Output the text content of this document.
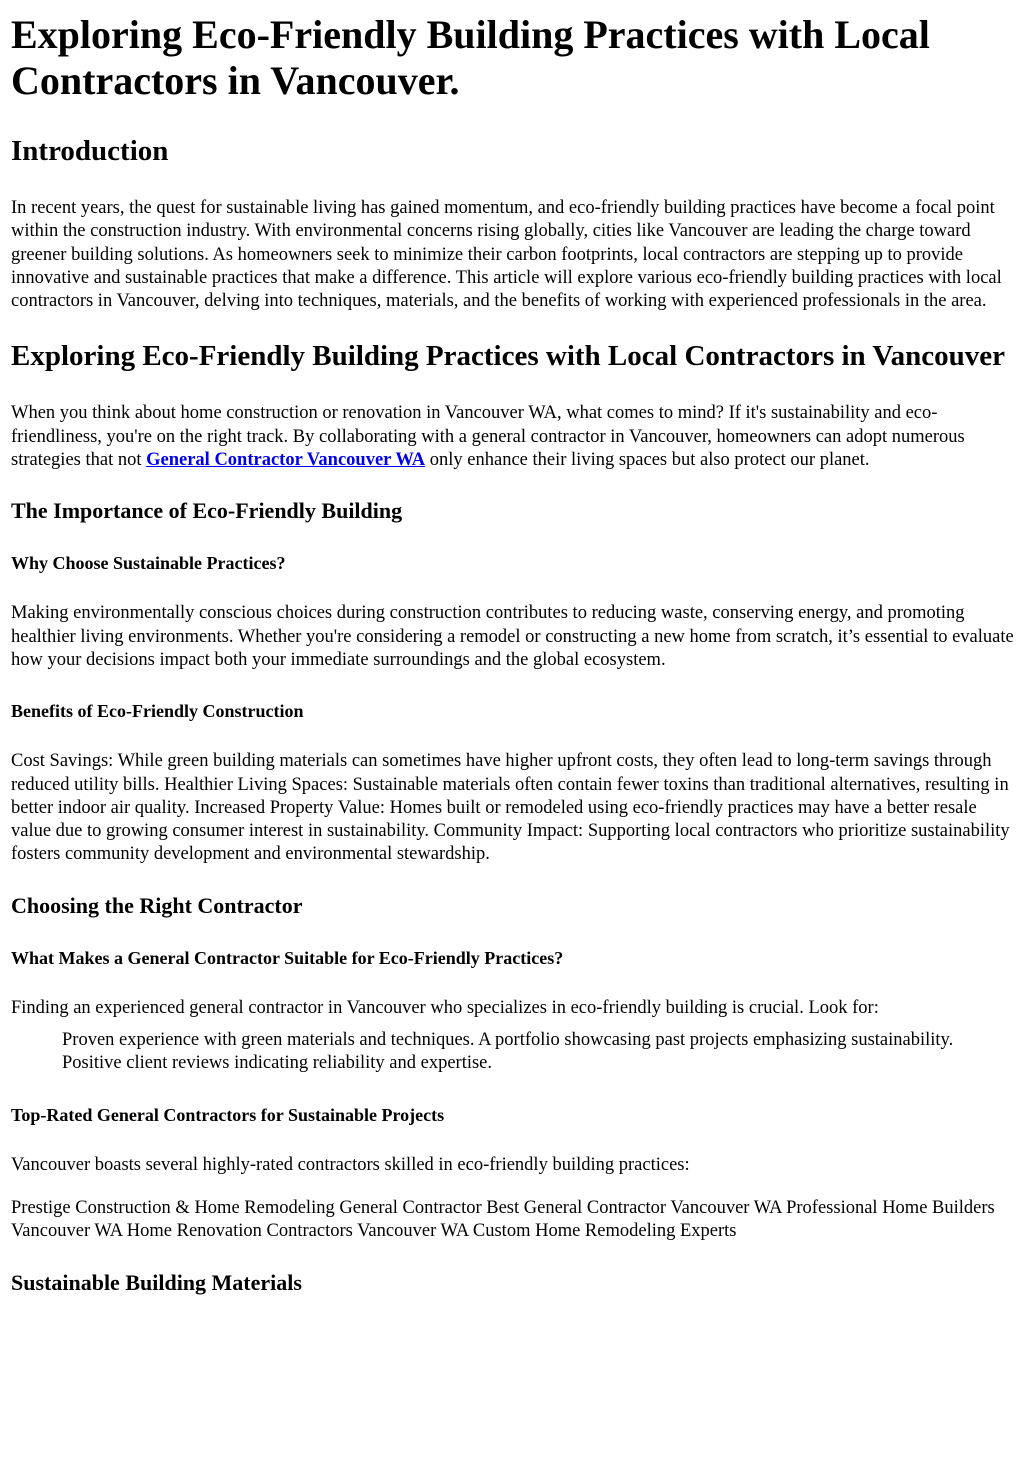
Exploring Eco-Friendly Building Practices with Local Contractors in Vancouver.
Introduction

In recent years, the quest for sustainable living has gained momentum, and eco-friendly building practices have become a focal point within the construction industry. With environmental concerns rising globally, cities like Vancouver are leading the charge toward greener building solutions. As homeowners seek to minimize their carbon footprints, local contractors are stepping up to provide innovative and sustainable practices that make a difference. This article will explore various eco-friendly building practices with local contractors in Vancouver, delving into techniques, materials, and the benefits of working with experienced professionals in the area.

Exploring Eco-Friendly Building Practices with Local Contractors in Vancouver

When you think about home construction or renovation in Vancouver WA, what comes to mind? If it's sustainability and eco-friendliness, you're on the right track. By collaborating with a general contractor in Vancouver, homeowners can adopt numerous strategies that not General Contractor Vancouver WA only enhance their living spaces but also protect our planet.

The Importance of Eco-Friendly Building
Why Choose Sustainable Practices?

Making environmentally conscious choices during construction contributes to reducing waste, conserving energy, and promoting healthier living environments. Whether you're considering a remodel or constructing a new home from scratch, it’s essential to evaluate how your decisions impact both your immediate surroundings and the global ecosystem.

Benefits of Eco-Friendly Construction

Cost Savings: While green building materials can sometimes have higher upfront costs, they often lead to long-term savings through reduced utility bills. Healthier Living Spaces: Sustainable materials often contain fewer toxins than traditional alternatives, resulting in better indoor air quality. Increased Property Value: Homes built or remodeled using eco-friendly practices may have a better resale value due to growing consumer interest in sustainability. Community Impact: Supporting local contractors who prioritize sustainability fosters community development and environmental stewardship.

Choosing the Right Contractor
What Makes a General Contractor Suitable for Eco-Friendly Practices?

Finding an experienced general contractor in Vancouver who specializes in eco-friendly building is crucial. Look for:

Proven experience with green materials and techniques. A portfolio showcasing past projects emphasizing sustainability. Positive client reviews indicating reliability and expertise.
Top-Rated General Contractors for Sustainable Projects

Vancouver boasts several highly-rated contractors skilled in eco-friendly building practices:

Prestige Construction & Home Remodeling General Contractor Best General Contractor Vancouver WA Professional Home Builders Vancouver WA Home Renovation Contractors Vancouver WA Custom Home Remodeling Experts

Sustainable Building Materials
